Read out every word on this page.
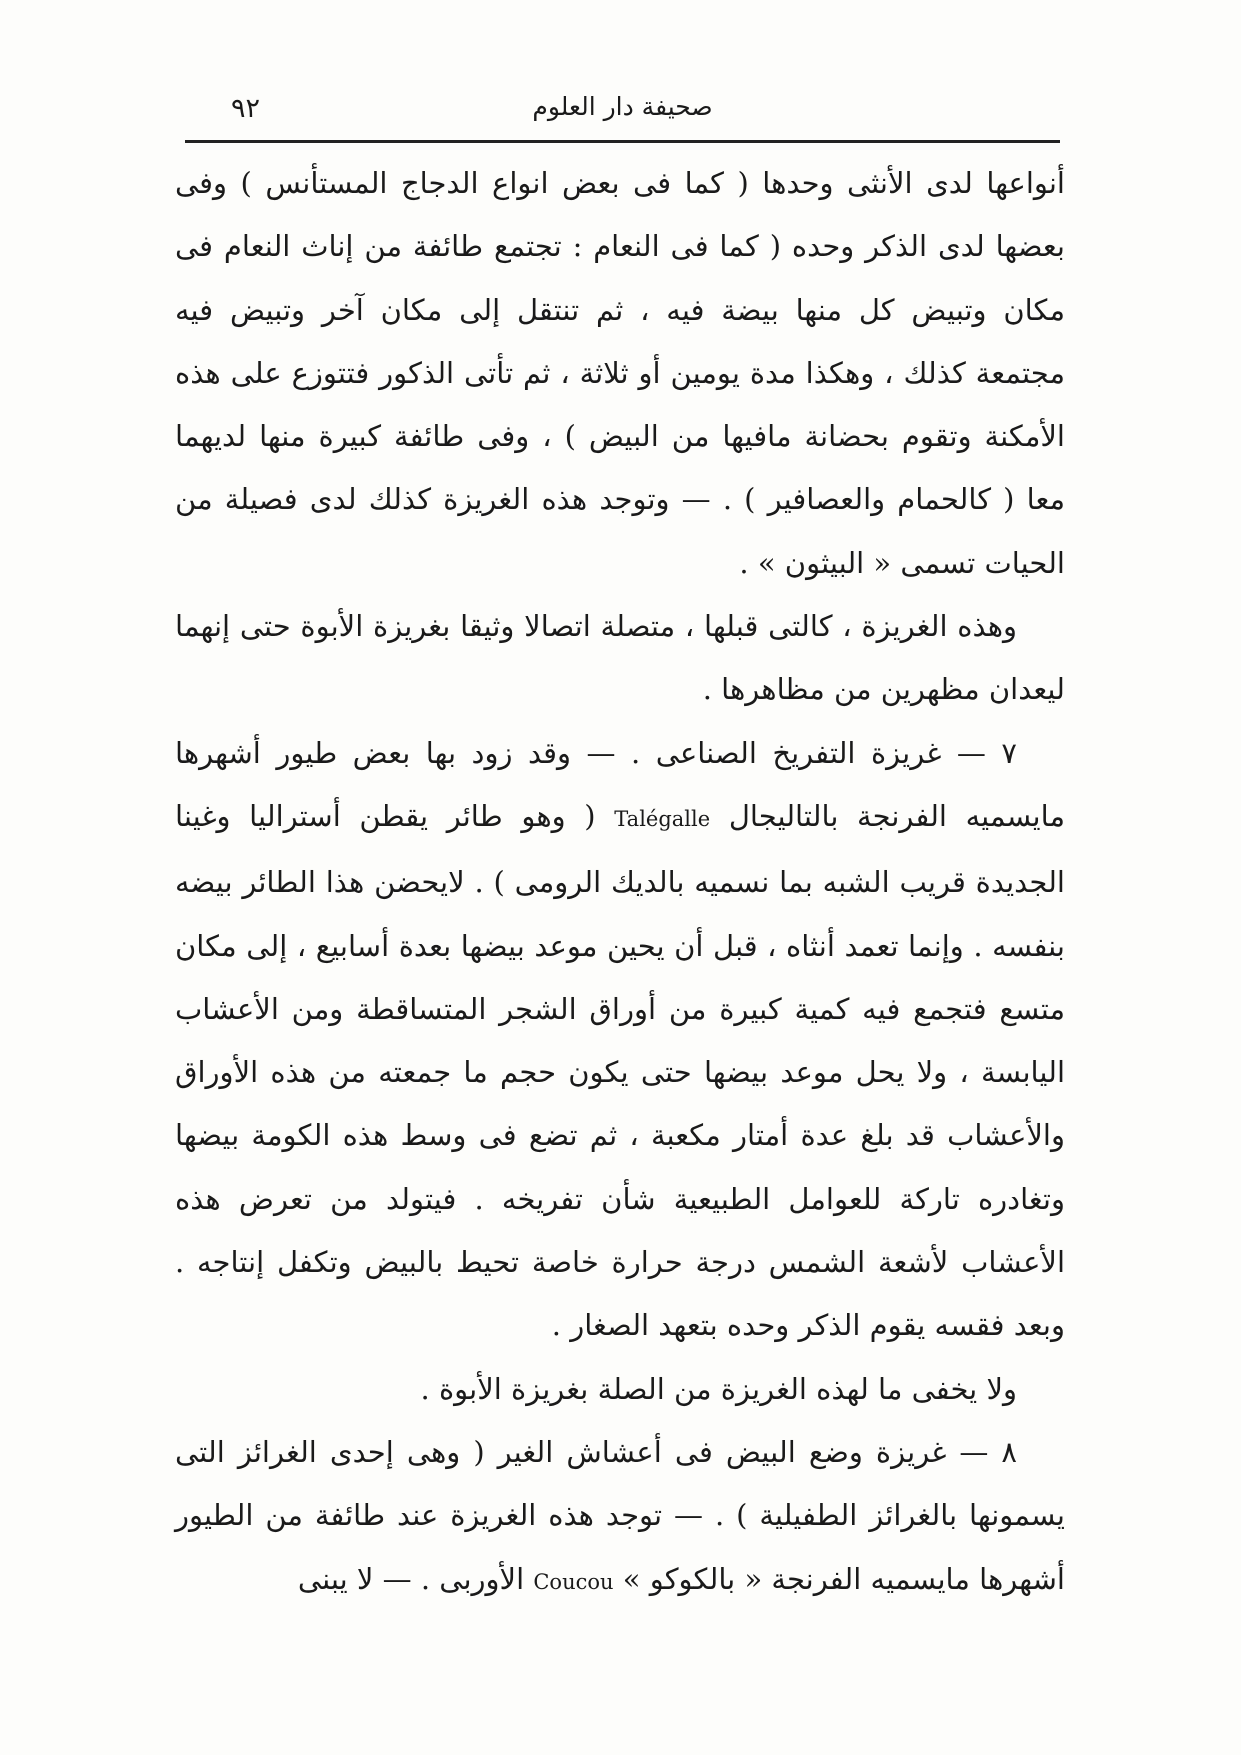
صحيفة دار العلوم
٩٢

أنواعها لدى الأنثى وحدها ( كما فى بعض انواع الدجاج المستأنس ) وفى بعضها لدى الذكر وحده ( كما فى النعام : تجتمع طائفة من إناث النعام فى مكان وتبيض كل منها بيضة فيه ، ثم تنتقل إلى مكان آخر وتبيض فيه مجتمعة كذلك ، وهكذا مدة يومين أو ثلاثة ، ثم تأتى الذكور فتتوزع على هذه الأمكنة وتقوم بحضانة مافيها من البيض ) ، وفى طائفة كبيرة منها لديهما معا ( كالحمام والعصافير ) . — وتوجد هذه الغريزة كذلك لدى فصيلة من الحيات تسمى « البيثون » .

وهذه الغريزة ، كالتى قبلها ، متصلة اتصالا وثيقا بغريزة الأبوة حتى إنهما ليعدان مظهرين من مظاهرها .

٧ — غريزة التفريخ الصناعى . — وقد زود بها بعض طيور أشهرها مايسميه الفرنجة بالتاليجال Talégalle ( وهو طائر يقطن أستراليا وغينا الجديدة قريب الشبه بما نسميه بالديك الرومى ) . لايحضن هذا الطائر بيضه بنفسه . وإنما تعمد أنثاه ، قبل أن يحين موعد بيضها بعدة أسابيع ، إلى مكان متسع فتجمع فيه كمية كبيرة من أوراق الشجر المتساقطة ومن الأعشاب اليابسة ، ولا يحل موعد بيضها حتى يكون حجم ما جمعته من هذه الأوراق والأعشاب قد بلغ عدة أمتار مكعبة ، ثم تضع فى وسط هذه الكومة بيضها وتغادره تاركة للعوامل الطبيعية شأن تفريخه . فيتولد من تعرض هذه الأعشاب لأشعة الشمس درجة حرارة خاصة تحيط بالبيض وتكفل إنتاجه . وبعد فقسه يقوم الذكر وحده بتعهد الصغار .

ولا يخفى ما لهذه الغريزة من الصلة بغريزة الأبوة .

٨ — غريزة وضع البيض فى أعشاش الغير ( وهى إحدى الغرائز التى يسمونها بالغرائز الطفيلية ) . — توجد هذه الغريزة عند طائفة من الطيور أشهرها مايسميه الفرنجة « بالكوكو » Coucou الأوربى . — لا يبنى
